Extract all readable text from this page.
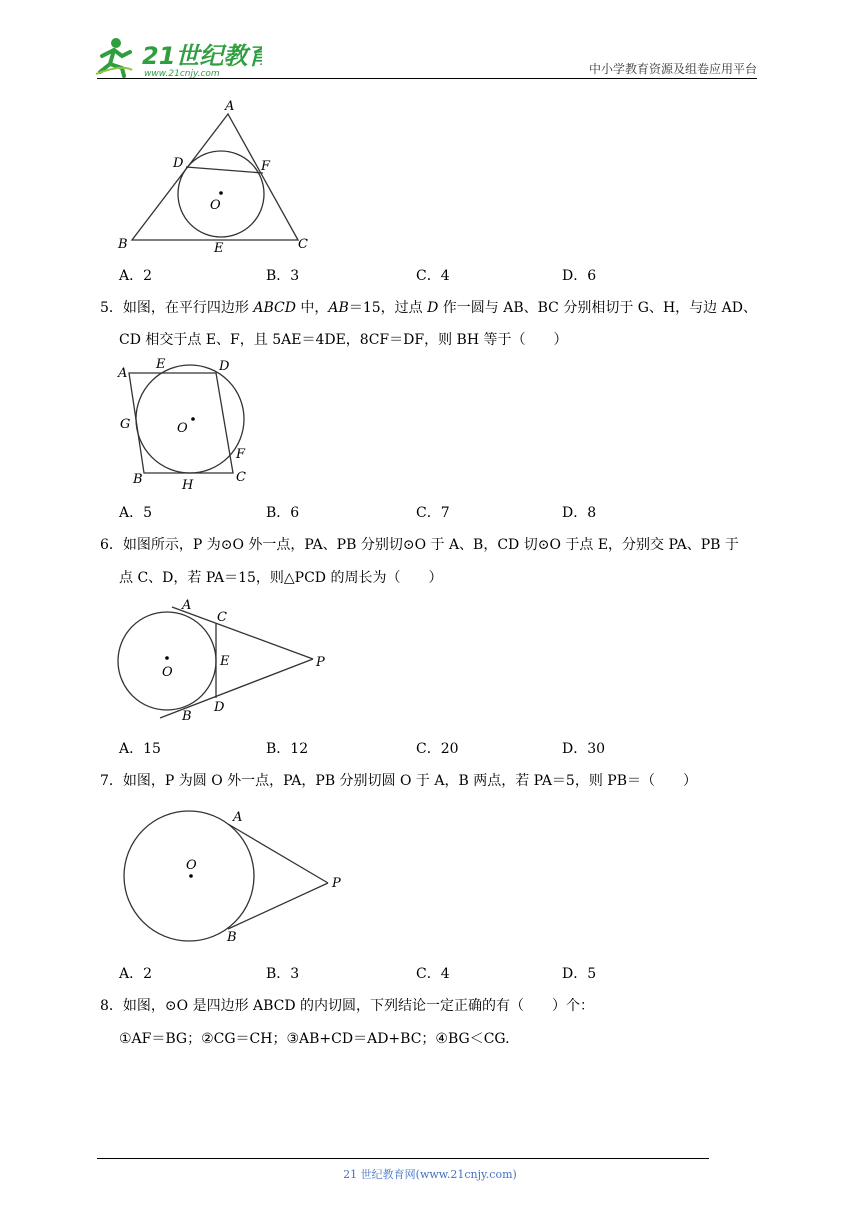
21世纪教育
www.21cnjy.com	中小学教育资源及组卷应用平台
A
D	F
O
B	E	C
A．2	B．3	C．4	D．6
5．如图，在平行四边形 ABCD 中，AB＝15，过点 D 作一圆与 AB、BC 分别相切于 G、H，与边 AD、
CD 相交于点 E、F，且 5AE＝4DE，8CF＝DF，则 BH 等于（　　）
A
E	D
G	O
F
B	H
C
A．5	B．6	C．7	D．8
6．如图所示，P 为⊙O 外一点，PA、PB 分别切⊙O 于 A、B，CD 切⊙O 于点 E，分别交 PA、PB 于
点 C、D，若 PA＝15，则△PCD 的周长为（　　）
A
C
E
O
P
D
B
A．15	B．12	C．20	D．30
7．如图，P 为圆 O 外一点，PA，PB 分别切圆 O 于 A，B 两点，若 PA＝5，则 PB＝（　　）
A
O
P
B
A．2	B．3	C．4	D．5
8．如图，⊙O 是四边形 ABCD 的内切圆，下列结论一定正确的有（　　）个：
①AF＝BG；②CG＝CH；③AB+CD＝AD+BC；④BG＜CG.
21 世纪教育网(www.21cnjy.com)
